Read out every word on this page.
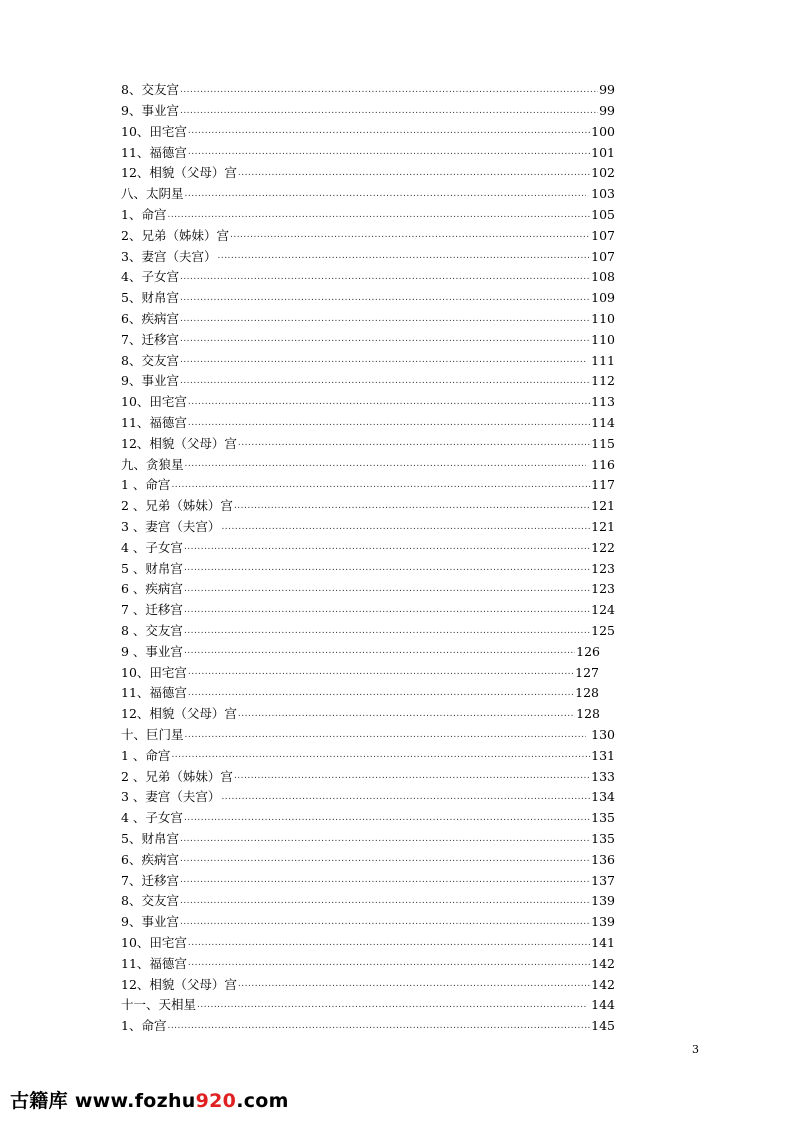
8、交友宫 .....	99
9、事业宫 .....	99
10、田宅宫 .....	100
11、福德宫 .....	101
12、相貌（父母）宫 .....	102
八、太阴星 .....	103
1、命宫 .....	105
2、兄弟（姊妹）宫 .....	107
3、妻宫（夫宫） .....	107
4、子女宫 .....	108
5、财帛宫 .....	109
6、疾病宫 .....	110
7、迁移宫 .....	110
8、交友宫 .....	111
9、事业宫 .....	112
10、田宅宫 .....	113
11、福德宫 .....	114
12、相貌（父母）宫 .....	115
九、贪狼星 .....	116
1 、命宫 .....	117
2 、兄弟（姊妹）宫 .....	121
3 、妻宫（夫宫） .....	121
4 、子女宫 .....	122
5 、财帛宫 .....	123
6 、疾病宫 .....	123
7 、迁移宫 .....	124
8 、交友宫 .....	125
9 、事业宫 .....	126
10、田宅宫 .....	127
11、福德宫 .....	128
12、相貌（父母）宫 .....	128
十、巨门星 .....	130
1 、命宫 .....	131
2 、兄弟（姊妹）宫 .....	133
3 、妻宫（夫宫） .....	134
4 、子女宫 .....	135
5、财帛宫 .....	135
6、疾病宫 .....	136
7、迁移宫 .....	137
8、交友宫 .....	139
9、事业宫 .....	139
10、田宅宫 .....	141
11、福德宫 .....	142
12、相貌（父母）宫 .....	142
十一、天相星 .....	144
1、命宫 .....	145
3
古籍库 www.fozhu920.com
